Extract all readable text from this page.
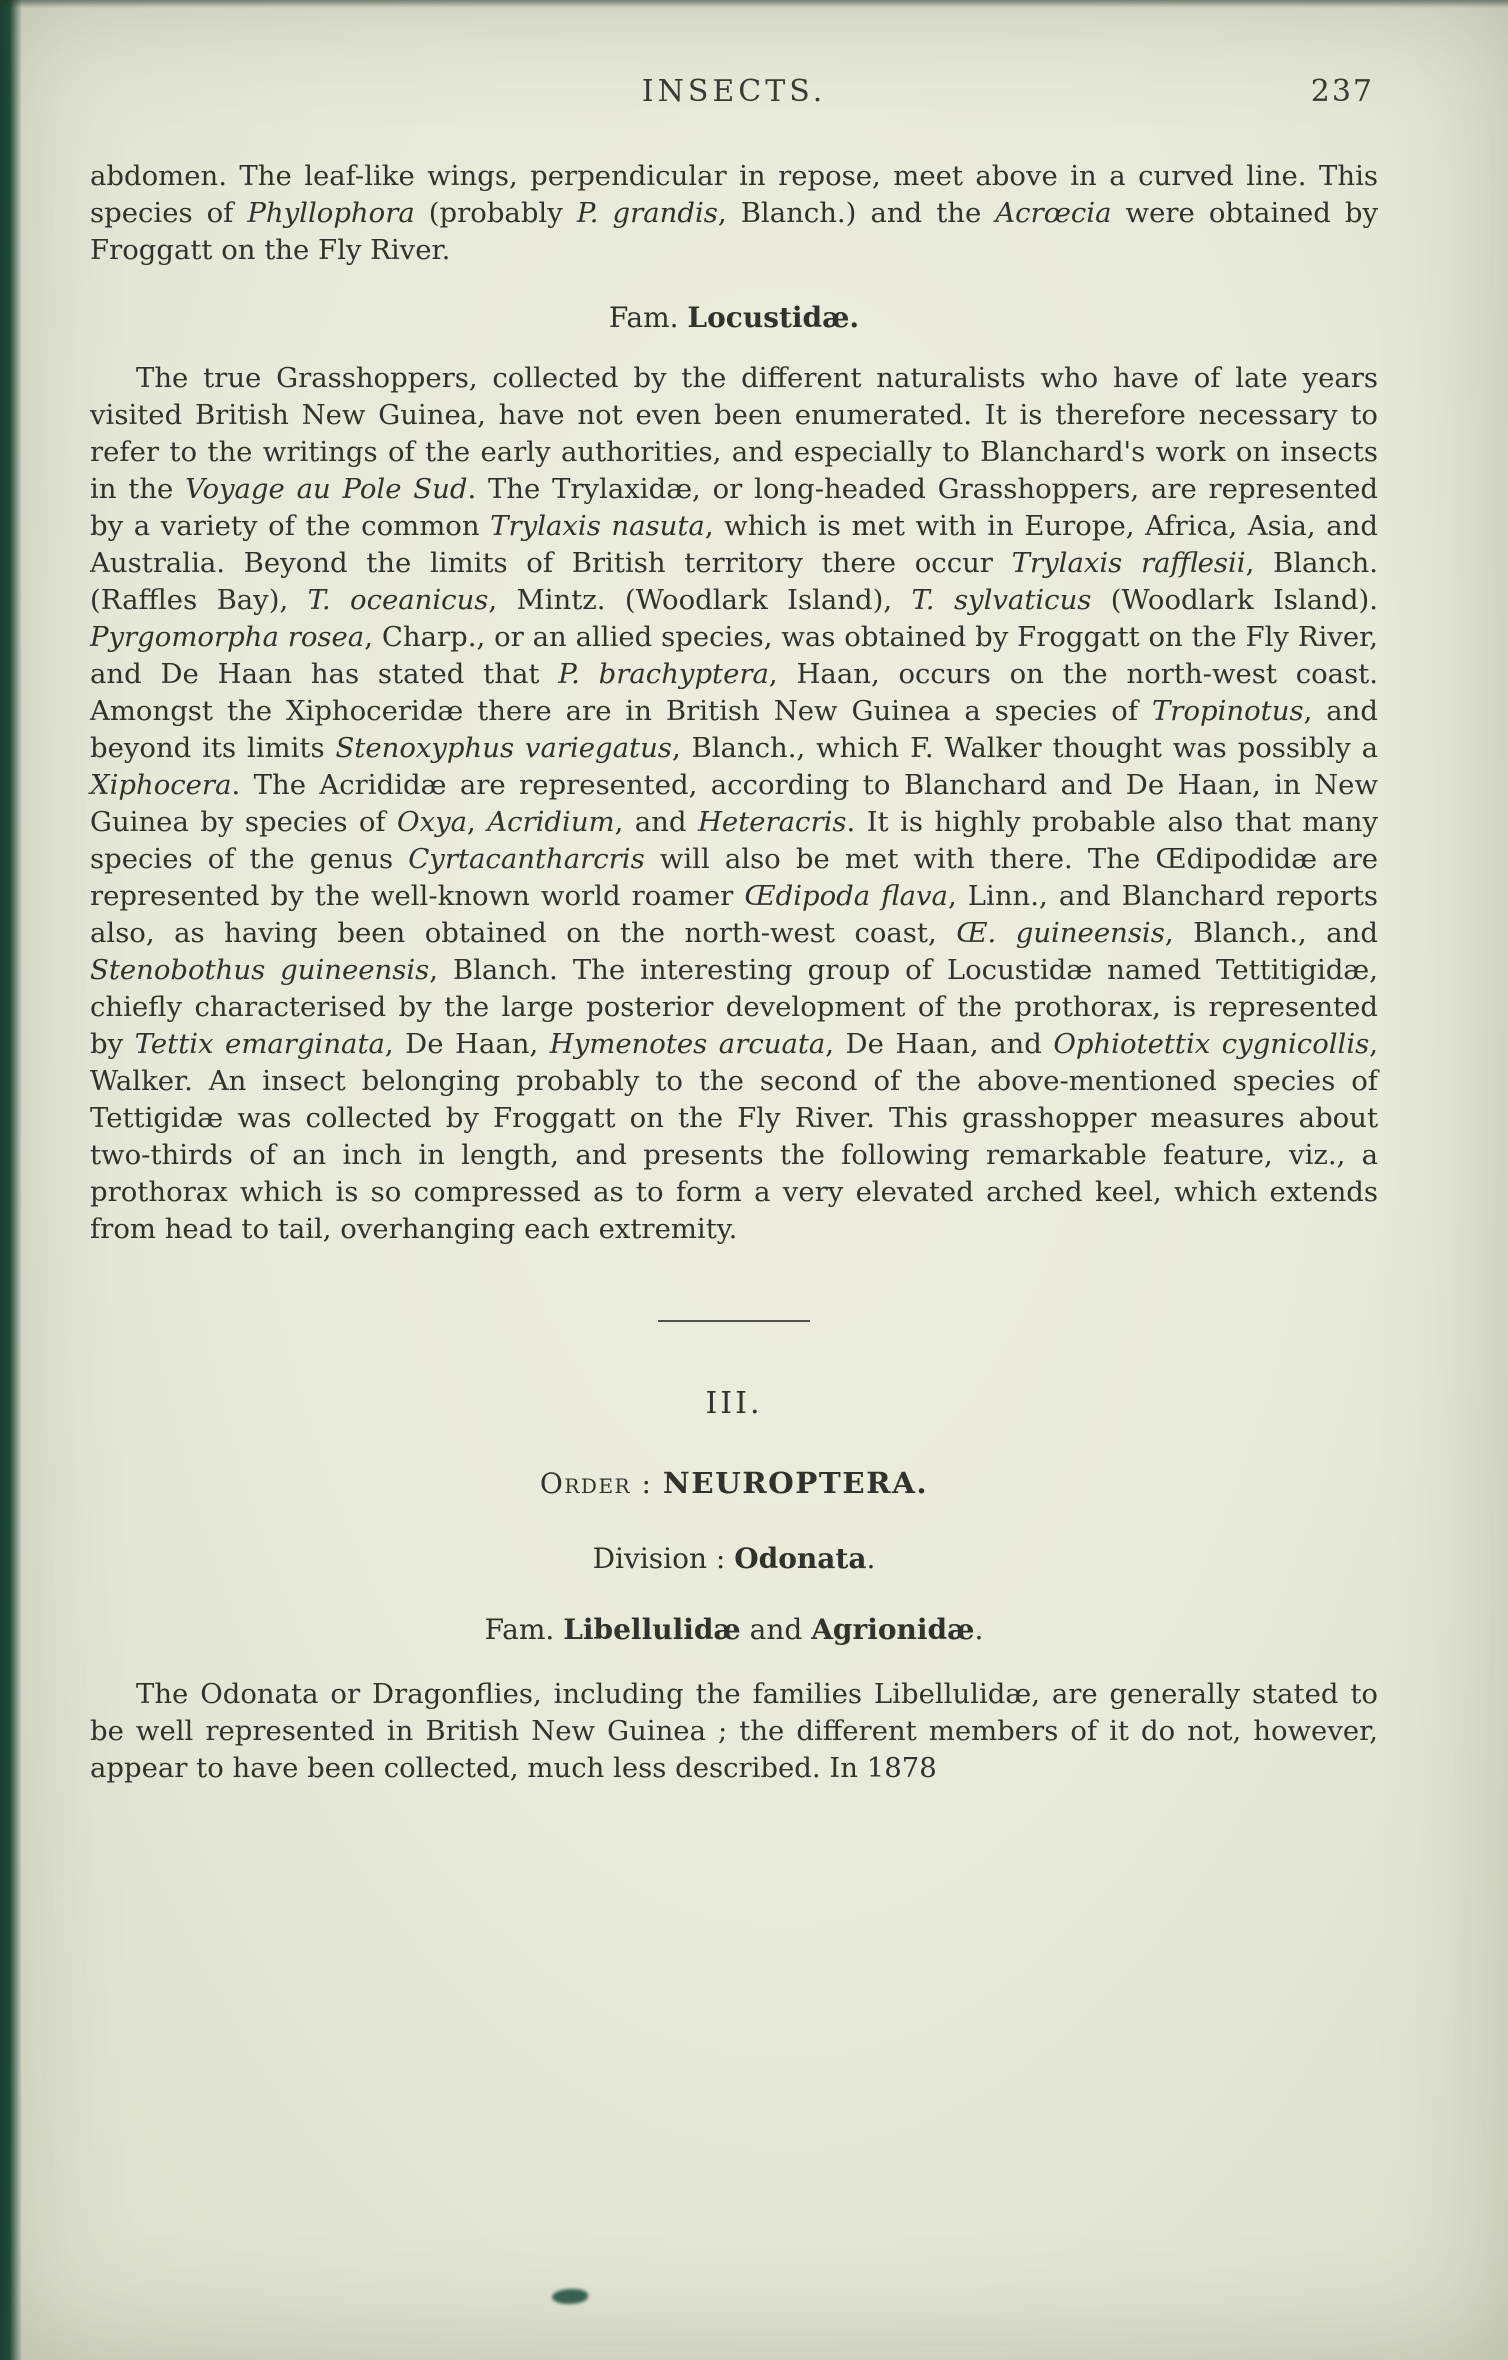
INSECTS.	237

abdomen. The leaf-like wings, perpendicular in repose, meet above in a curved line. This species of Phyllophora (probably P. grandis, Blanch.) and the Acrœcia were obtained by Froggatt on the Fly River.

Fam. Locustidæ.

The true Grasshoppers, collected by the different naturalists who have of late years visited British New Guinea, have not even been enumerated. It is therefore necessary to refer to the writings of the early authorities, and especially to Blanchard's work on insects in the Voyage au Pole Sud. The Trylaxidæ, or long-headed Grasshoppers, are represented by a variety of the common Trylaxis nasuta, which is met with in Europe, Africa, Asia, and Australia. Beyond the limits of British territory there occur Trylaxis rafflesii, Blanch. (Raffles Bay), T. oceanicus, Mintz. (Woodlark Island), T. sylvaticus (Woodlark Island). Pyrgomorpha rosea, Charp., or an allied species, was obtained by Froggatt on the Fly River, and De Haan has stated that P. brachyptera, Haan, occurs on the north-west coast. Amongst the Xiphoceridæ there are in British New Guinea a species of Tropinotus, and beyond its limits Stenoxyphus variegatus, Blanch., which F. Walker thought was possibly a Xiphocera. The Acrididæ are represented, according to Blanchard and De Haan, in New Guinea by species of Oxya, Acridium, and Heteracris. It is highly probable also that many species of the genus Cyrtacantharcris will also be met with there. The Œdipodidæ are represented by the well-known world roamer Œdipoda flava, Linn., and Blanchard reports also, as having been obtained on the north-west coast, Œ. guineensis, Blanch., and Stenobothus guineensis, Blanch. The interesting group of Locustidæ named Tettitigidæ, chiefly characterised by the large posterior development of the prothorax, is represented by Tettix emarginata, De Haan, Hymenotes arcuata, De Haan, and Ophiotettix cygnicollis, Walker. An insect belonging probably to the second of the above-mentioned species of Tettigidæ was collected by Froggatt on the Fly River. This grasshopper measures about two-thirds of an inch in length, and presents the following remarkable feature, viz., a prothorax which is so compressed as to form a very elevated arched keel, which extends from head to tail, overhanging each extremity.

III.
Order : NEUROPTERA.
Division : Odonata.
Fam. Libellulidæ and Agrionidæ.

The Odonata or Dragonflies, including the families Libellulidæ, are generally stated to be well represented in British New Guinea ; the different members of it do not, however, appear to have been collected, much less described. In 1878
